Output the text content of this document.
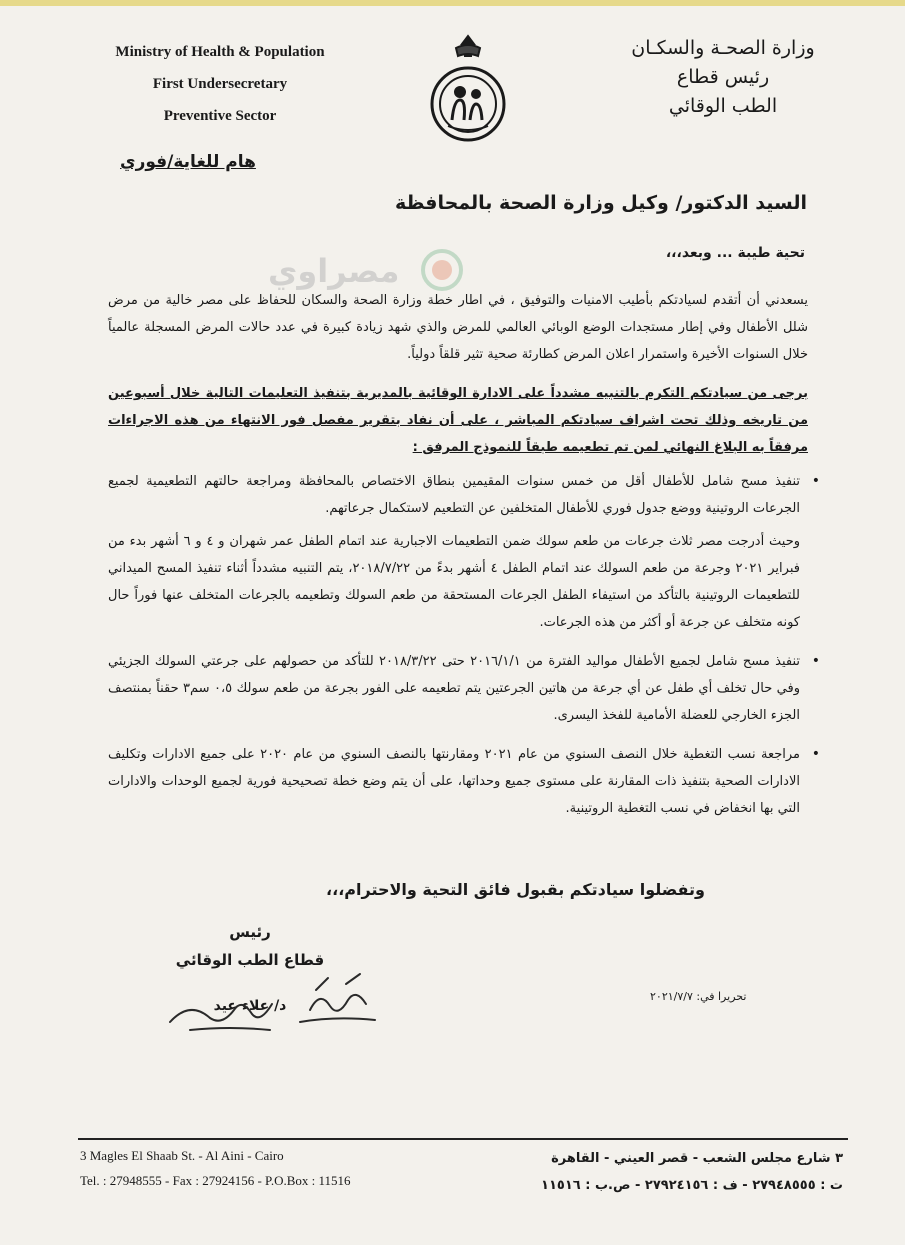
Ministry of Health & Population
First Undersecretary
Preventive Sector
وزارة الصحـة والسكـان
رئيس قطاع
الطب الوقائي
هام للغاية/فوري
السيد الدكتور/ وكيل وزارة الصحة بالمحافظة
تحية طيبة ... وبعد،،،
مصراوي
يسعدني أن أتقدم لسيادتكم بأطيب الامنيات والتوفيق ، في اطار خطة وزارة الصحة والسكان للحفاظ على مصر خالية من مرض شلل الأطفال وفي إطار مستجدات الوضع الوبائي العالمي للمرض والذي شهد زيادة كبيرة في عدد حالات المرض المسجلة عالمياً خلال السنوات الأخيرة واستمرار اعلان المرض كطارئة صحية تثير قلقاً دولياً.
برجى من سيادتكم التكرم بالتنبيه مشدداً على الادارة الوقائية بالمديرية بتنفيذ التعليمات التالية خلال أسبوعين من تاريخه وذلك تحت اشراف سيادتكم المباشر ، على أن نفاد بتقرير مفصل فور الانتهاء من هذه الاجراءات مرفقاً به البلاغ النهائي لمن تم تطعيمه طبقاً للنموذج المرفق :
•
تنفيذ مسح شامل للأطفال أقل من خمس سنوات المقيمين بنطاق الاختصاص بالمحافظة ومراجعة حالتهم التطعيمية لجميع الجرعات الروتينية ووضع جدول فوري للأطفال المتخلفين عن التطعيم لاستكمال جرعاتهم.
وحيث أدرجت مصر ثلاث جرعات من طعم سولك ضمن التطعيمات الاجبارية عند اتمام الطفل عمر شهران و ٤ و ٦ أشهر بدء من فبراير ٢٠٢١ وجرعة من طعم السولك عند اتمام الطفل ٤ أشهر بدءً من ٢٠١٨/٧/٢٢، يتم التنبيه مشدداً أثناء تنفيذ المسح الميداني للتطعيمات الروتينية بالتأكد من استيفاء الطفل الجرعات المستحقة من طعم السولك وتطعيمه بالجرعات المتخلف عنها فوراً حال كونه متخلف عن جرعة أو أكثر من هذه الجرعات.
•
تنفيذ مسح شامل لجميع الأطفال مواليد الفترة من ٢٠١٦/١/١ حتى ٢٠١٨/٣/٢٢ للتأكد من حصولهم على جرعتي السولك الجزيئي وفي حال تخلف أي طفل عن أي جرعة من هاتين الجرعتين يتم تطعيمه على الفور بجرعة من طعم سولك ٠،٥ سم٣ حقناً بمنتصف الجزء الخارجي للعضلة الأمامية للفخذ اليسرى.
•
مراجعة نسب التغطية خلال النصف السنوي من عام ٢٠٢١ ومقارنتها بالنصف السنوي من عام ٢٠٢٠ على جميع الادارات وتكليف الادارات الصحية بتنفيذ ذات المقارنة على مستوى جميع وحداتها، على أن يتم وضع خطة تصحيحية فورية لجميع الوحدات والادارات التي بها انخفاض في نسب التغطية الروتينية.
وتفضلوا سيادتكم بقبول فائق التحية والاحترام،،،
رئيس
قطاع الطب الوقائي
د/ علاء عيد
تحريرا في: ٢٠٢١/٧/٧
3 Magles El Shaab St. - Al Aini - Cairo
Tel. : 27948555 - Fax : 27924156 - P.O.Box : 11516
٣ شارع مجلس الشعب - قصر العيني - القاهرة
ت : ٢٧٩٤٨٥٥٥ - ف : ٢٧٩٢٤١٥٦ - ص.ب : ١١٥١٦
